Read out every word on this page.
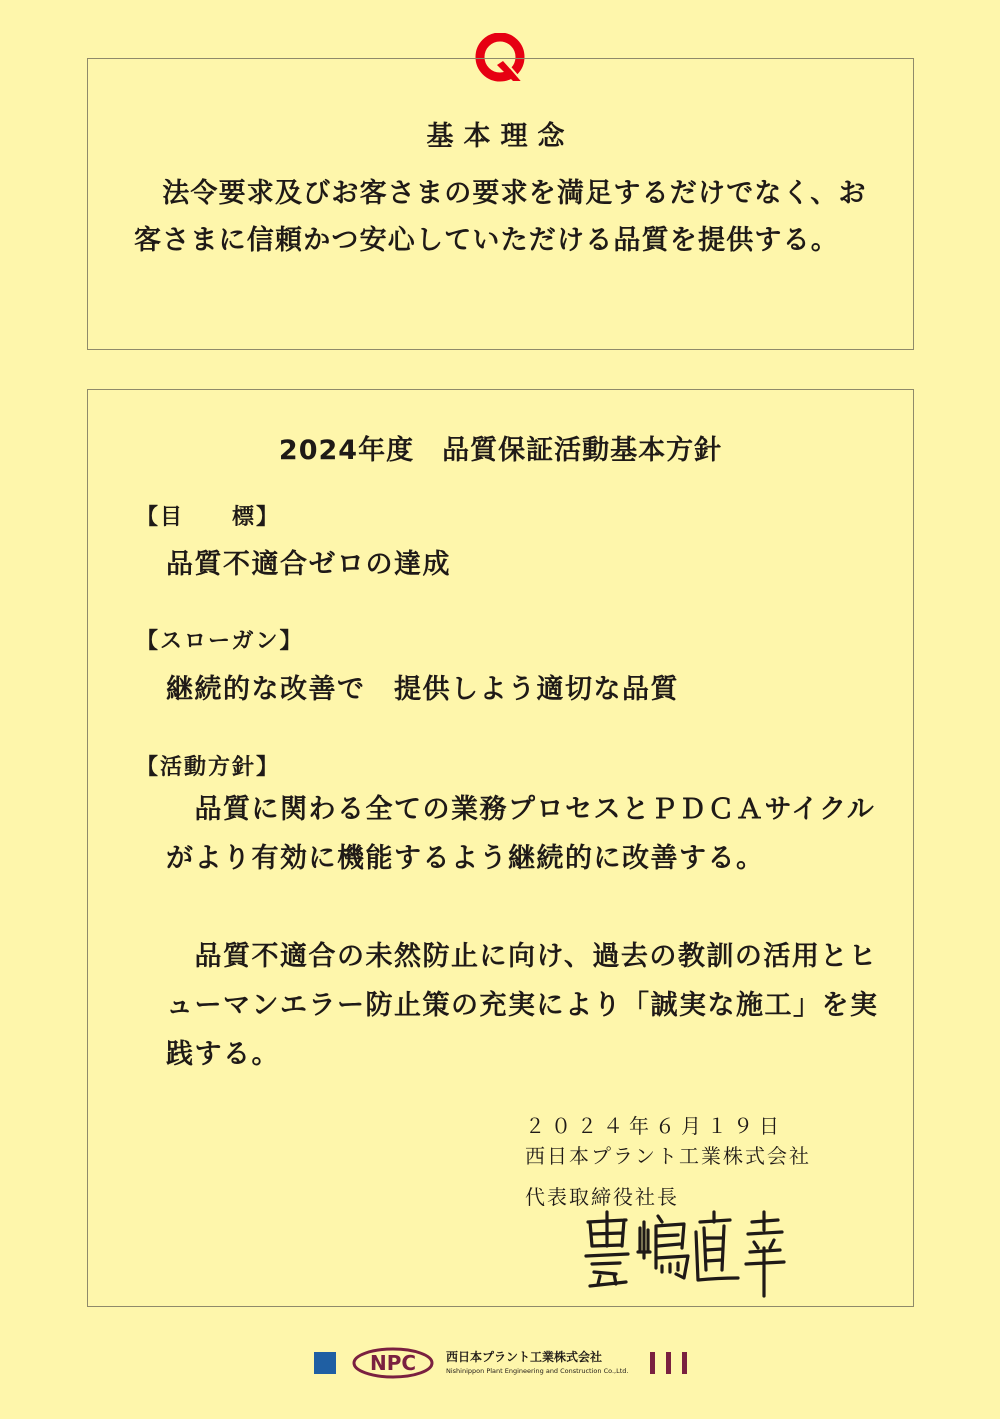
基本理念

　法令要求及びお客さまの要求を満足するだけでなく、お客さまに信頼かつ安心していただける品質を提供する。

2024年度　品質保証活動基本方針
【目　　標】
品質不適合ゼロの達成
【スローガン】
継続的な改善で　提供しよう適切な品質
【活動方針】

　品質に関わる全ての業務プロセスとＰＤＣＡサイクルがより有効に機能するよう継続的に改善する。

　品質不適合の未然防止に向け、過去の教訓の活用とヒューマンエラー防止策の充実により「誠実な施工」を実践する。

２０２４年６月１９日
西日本プラント工業株式会社
代表取締役社長
NPC 西日本プラント工業株式会社
Nishinippon Plant Engineering and Construction Co.,Ltd.
